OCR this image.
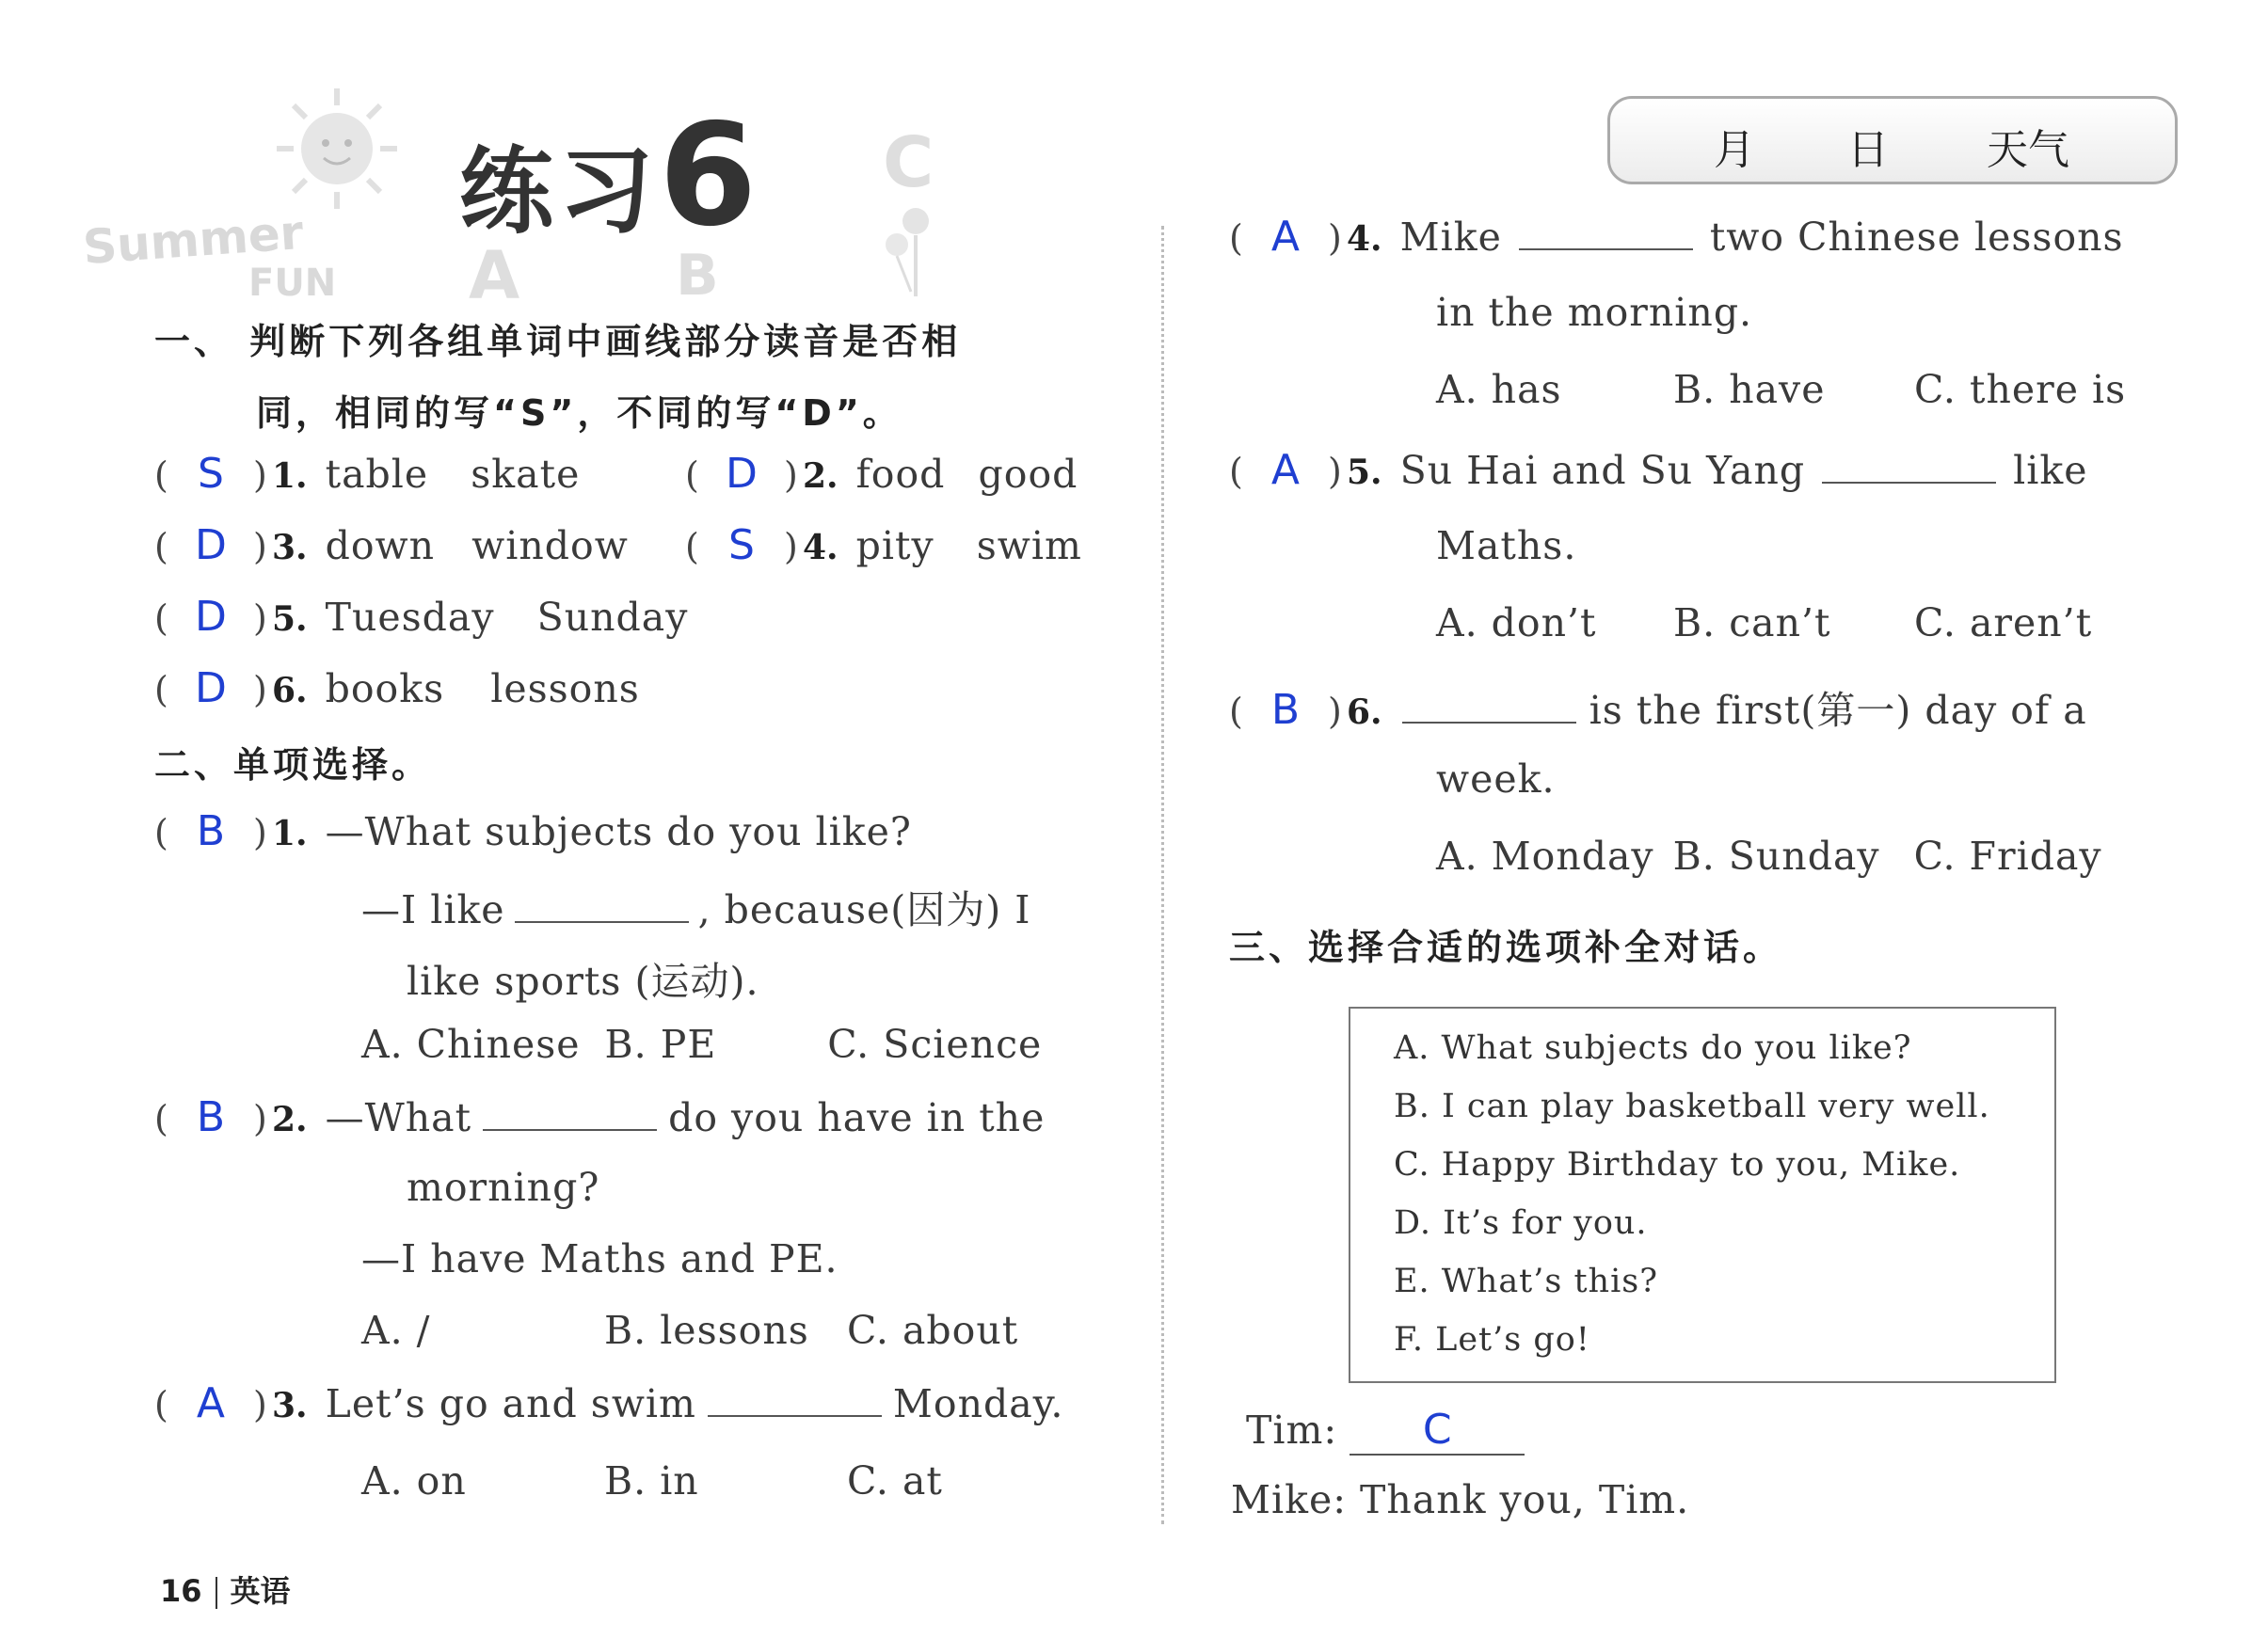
Summer
FUN A	B
C
练习6	月 日 天气
一、 判断下列各组单词中画线部分读音是否相
同，相同的写“S”，不同的写“D”。
( S ) 1. table skate	( D ) 2. food good
( D ) 3. down window ( S ) 4. pity swim
( D ) 5. Tuesday Sunday
( D ) 6. books lessons
二、单项选择。
( B ) 1. —What subjects do you like?
—I like	, because(因为) I
like sports (运动).
A. Chinese B. PE	C. Science
( B ) 2. —What	do you have in the
morning?
—I have Maths and PE.
A. /	B. lessons C. about
( A ) 3. Let’s go and swim	Monday.
A. on	B. in	C. at
( A ) 4. Mike	two Chinese lessons
in the morning.
A. has	B. have C. there is
( A ) 5. Su Hai and Su Yang	like
Maths.
A. don’t B. can’t C. aren’t
( B ) 6.	is the first(第一) day of a
week.
A. Monday B. Sunday C. Friday
三、选择合适的选项补全对话。
A. What subjects do you like?
B. I can play basketball very well.
C. Happy Birthday to you, Mike.
D. It’s for you.
E. What’s this?
F. Let’s go!
Tim: C
Mike: Thank you, Tim.
16 英语
